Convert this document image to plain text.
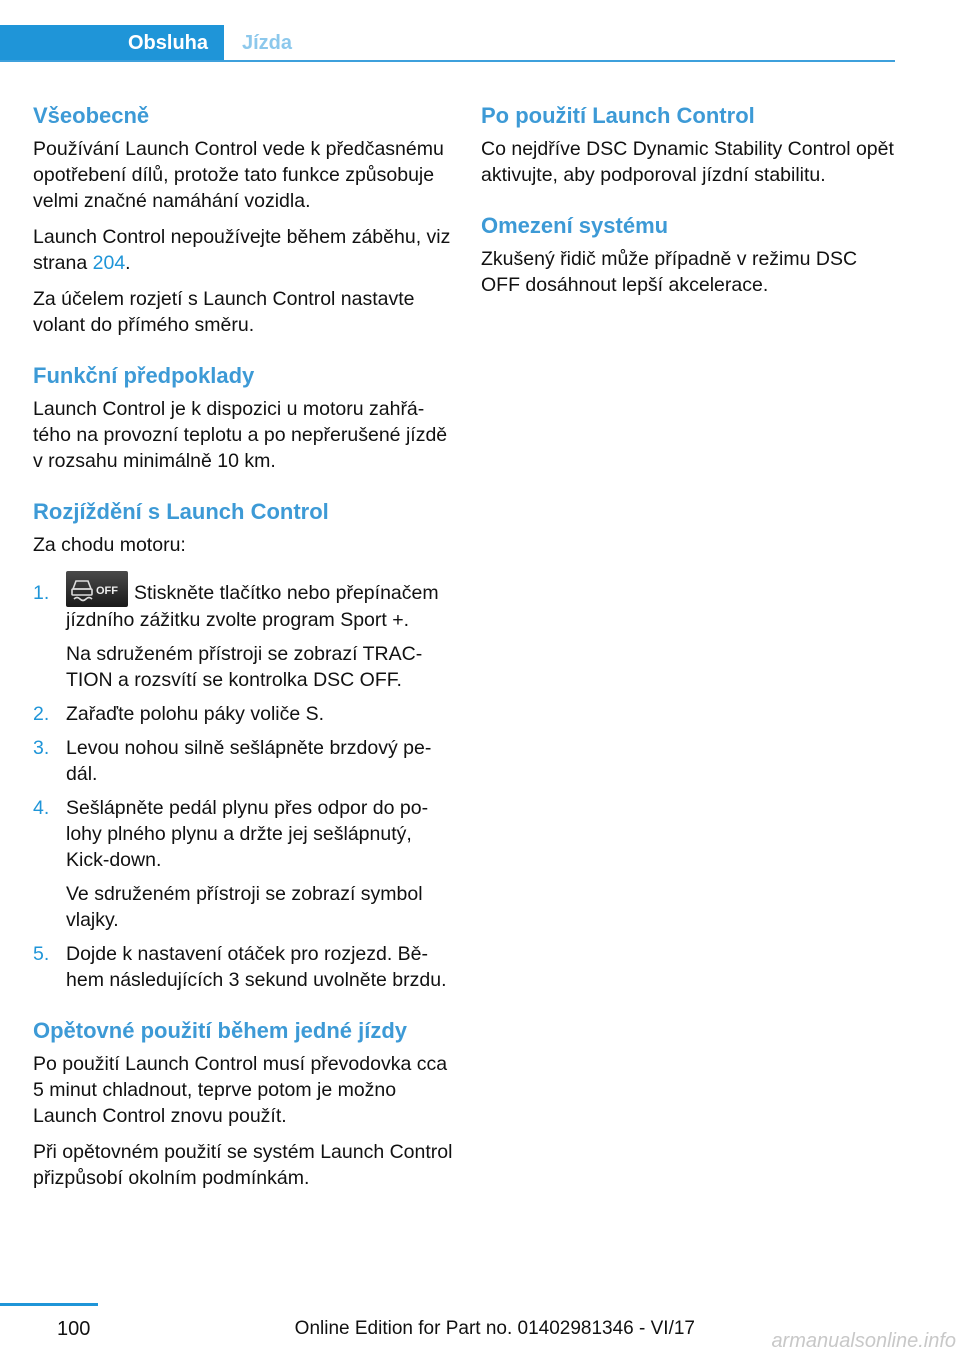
Obsluha	Jízda
Všeobecně

Používání Launch Control vede k předčasnému opotřebení dílů, protože tato funkce způsobuje velmi značné namáhání vozidla.

Launch Control nepoužívejte během záběhu, viz strana 204.

Za účelem rozjetí s Launch Control nastavte volant do přímého směru.

Funkční předpoklady

Launch Control je k dispozici u motoru zahřátého na provozní teplotu a po nepřerušené jízdě v rozsahu minimálně 10 km.

Rozjíždění s Launch Control

Za chodu motoru:

1.	OFF Stiskněte tlačítko nebo přepínačem jízdního zážitku zvolte program Sport +.

Na sdruženém přístroji se zobrazí TRACTION a rozsvítí se kontrolka DSC OFF.

2. Zařaďte polohu páky voliče S.

3. Levou nohou silně sešlápněte brzdový pedál.

4. Sešlápněte pedál plynu přes odpor do polohy plného plynu a držte jej sešlápnutý, Kick-down.

Ve sdruženém přístroji se zobrazí symbol vlajky.

5. Dojde k nastavení otáček pro rozjezd. Během následujících 3 sekund uvolněte brzdu.

Opětovné použití během jedné jízdy

Po použití Launch Control musí převodovka cca 5 minut chladnout, teprve potom je možno Launch Control znovu použít.

Při opětovném použití se systém Launch Control přizpůsobí okolním podmínkám.

Po použití Launch Control

Co nejdříve DSC Dynamic Stability Control opět aktivujte, aby podporoval jízdní stabilitu.

Omezení systému

Zkušený řidič může případně v režimu DSC OFF dosáhnout lepší akcelerace.

100	Online Edition for Part no. 01402981346 - VI/17
armanualsonline.info
